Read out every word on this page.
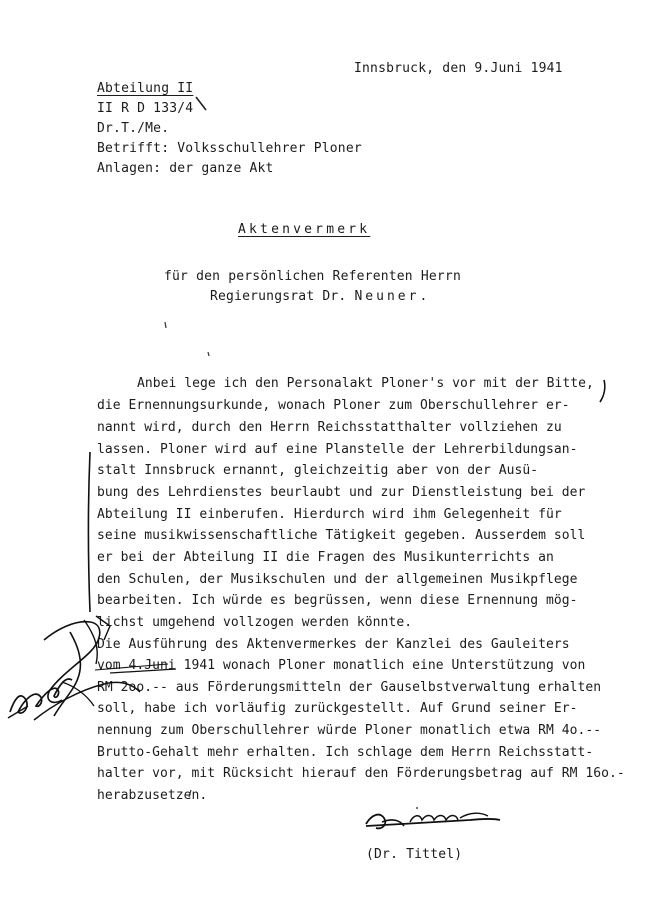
Innsbruck, den 9.Juni 1941
Abteilung II
II R D 133/4
Dr.T./Me.
Betrifft: Volksschullehrer Ploner
Anlagen: der ganze Akt
Aktenvermerk
für den persönlichen Referenten Herrn
Regierungsrat Dr. Neuner.
Anbei lege ich den Personalakt Ploner's vor mit der Bitte,
die Ernennungsurkunde, wonach Ploner zum Oberschullehrer er-
nannt wird, durch den Herrn Reichsstatthalter vollziehen zu
lassen. Ploner wird auf eine Planstelle der Lehrerbildungsan-
stalt Innsbruck ernannt, gleichzeitig aber von der Ausü-
bung des Lehrdienstes beurlaubt und zur Dienstleistung bei der
Abteilung II einberufen. Hierdurch wird ihm Gelegenheit für
seine musikwissenschaftliche Tätigkeit gegeben. Ausserdem soll
er bei der Abteilung II die Fragen des Musikunterrichts an
den Schulen, der Musikschulen und der allgemeinen Musikpflege
bearbeiten. Ich würde es begrüssen, wenn diese Ernennung mög-
lichst umgehend vollzogen werden könnte.
Die Ausführung des Aktenvermerkes der Kanzlei des Gauleiters
vom 4.Juni 1941 wonach Ploner monatlich eine Unterstützung von
RM 2oo.-- aus Förderungsmitteln der Gauselbstverwaltung erhalten
soll, habe ich vorläufig zurückgestellt. Auf Grund seiner Er-
nennung zum Oberschullehrer würde Ploner monatlich etwa RM 4o.--
Brutto-Gehalt mehr erhalten. Ich schlage dem Herrn Reichsstatt-
halter vor, mit Rücksicht hierauf den Förderungsbetrag auf RM 16o.-
herabzusetzen.
(Dr. Tittel)
